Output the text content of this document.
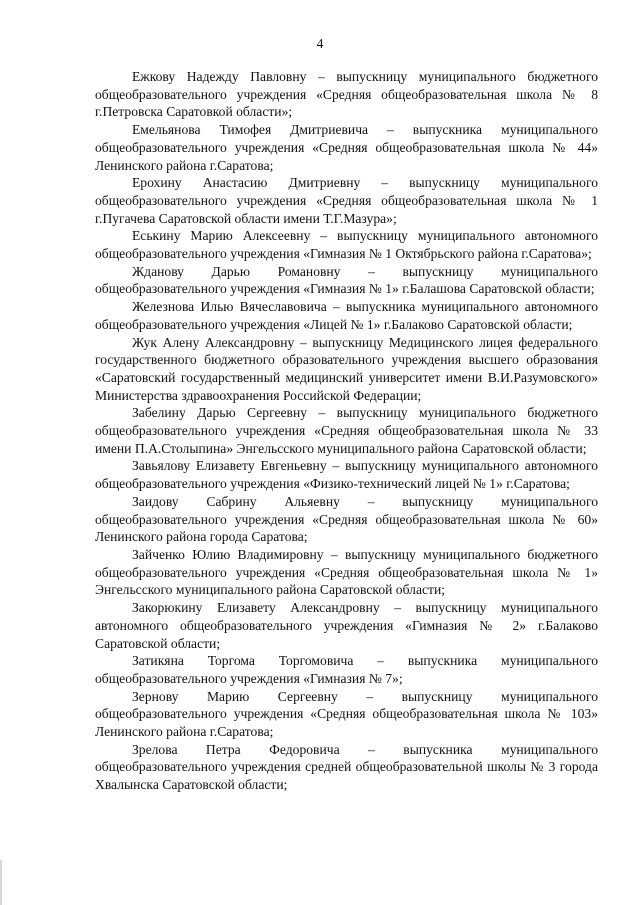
4

Ежкову Надежду Павловну – выпускницу муниципального бюджетного общеобразовательного учреждения «Средняя общеобразовательная школа № 8 г.Петровска Саратовкой области»;

Емельянова Тимофея Дмитриевича – выпускника муниципального общеобразовательного учреждения «Средняя общеобразовательная школа № 44» Ленинского района г.Саратова;

Ерохину Анастасию Дмитриевну – выпускницу муниципального общеобразовательного учреждения «Средняя общеобразовательная школа № 1 г.Пугачева Саратовской области имени Т.Г.Мазура»;

Еськину Марию Алексеевну – выпускницу муниципального автономного общеобразовательного учреждения «Гимназия № 1 Октябрьского района г.Саратова»;

Жданову Дарью Романовну – выпускницу муниципального общеобразовательного учреждения «Гимназия № 1» г.Балашова Саратовской области;

Железнова Илью Вячеславовича – выпускника муниципального автономного общеобразовательного учреждения «Лицей № 1» г.Балаково Саратовской области;

Жук Алену Александровну – выпускницу Медицинского лицея федерального государственного бюджетного образовательного учреждения высшего образования «Саратовский государственный медицинский университет имени В.И.Разумовского» Министерства здравоохранения Российской Федерации;

Забелину Дарью Сергеевну – выпускницу муниципального бюджетного общеобразовательного учреждения «Средняя общеобразовательная школа № 33 имени П.А.Столыпина» Энгельсского муниципального района Саратовской области;

Завьялову Елизавету Евгеньевну – выпускницу муниципального автономного общеобразовательного учреждения «Физико-технический лицей № 1» г.Саратова;

Заидову Сабрину Альяевну – выпускницу муниципального общеобразовательного учреждения «Средняя общеобразовательная школа № 60» Ленинского района города Саратова;

Зайченко Юлию Владимировну – выпускницу муниципального бюджетного общеобразовательного учреждения «Средняя общеобразовательная школа № 1» Энгельсского муниципального района Саратовской области;

Закорюкину Елизавету Александровну – выпускницу муниципального автономного общеобразовательного учреждения «Гимназия № 2» г.Балаково Саратовской области;

Затикяна Торгома Торгомовича – выпускника муниципального общеобразовательного учреждения «Гимназия № 7»;

Зернову Марию Сергеевну – выпускницу муниципального общеобразовательного учреждения «Средняя общеобразовательная школа № 103» Ленинского района г.Саратова;

Зрелова Петра Федоровича – выпускника муниципального общеобразовательного учреждения средней общеобразовательной школы № 3 города Хвалынска Саратовской области;
